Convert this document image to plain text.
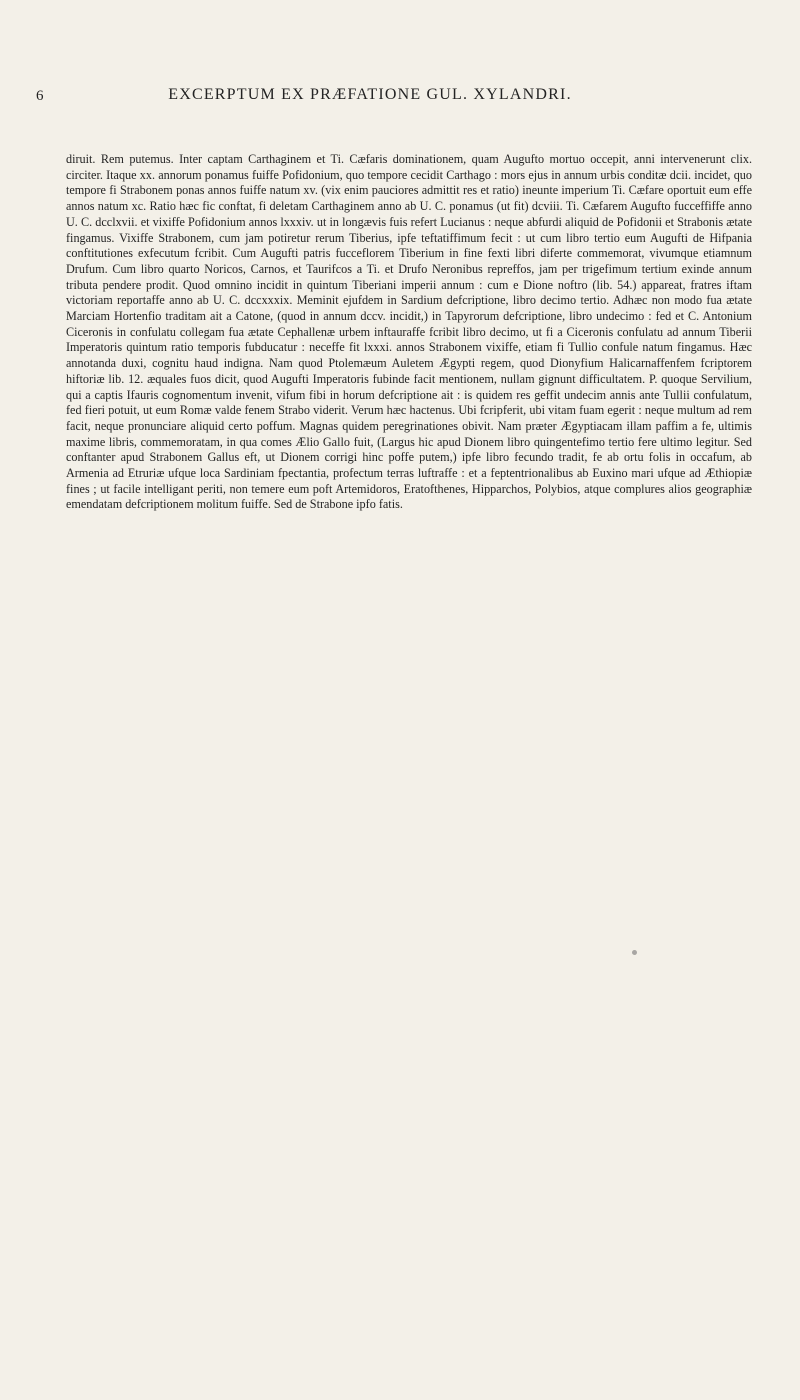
6	EXCERPTUM EX PRÆFATIONE GUL. XYLANDRI.

diruit. Rem putemus. Inter captam Carthaginem et Ti. Cæfaris dominationem, quam Augufto mortuo occepit, anni intervenerunt clix. circiter. Itaque xx. annorum ponamus fuiffe Pofidonium, quo tempore cecidit Carthago : mors ejus in annum urbis conditæ dcii. incidet, quo tempore fi Strabonem ponas annos fuiffe natum xv. (vix enim pauciores admittit res et ratio) ineunte imperium Ti. Cæfare oportuit eum effe annos natum xc. Ratio hæc fic conftat, fi deletam Carthaginem anno ab U. C. ponamus (ut fit) dcviii. Ti. Cæfarem Augufto fucceffiffe anno U. C. dcclxvii. et vixiffe Pofidonium annos lxxxiv. ut in longævis fuis refert Lucianus : neque abfurdi aliquid de Pofidonii et Strabonis ætate fingamus. Vixiffe Strabonem, cum jam potiretur rerum Tiberius, ipfe teftatiffimum fecit : ut cum libro tertio eum Augufti de Hifpania conftitutiones exfecutum fcribit. Cum Augufti patris fucceflorem Tiberium in fine fexti libri diferte commemorat, vivumque etiamnum Drufum. Cum libro quarto Noricos, Carnos, et Taurifcos a Ti. et Drufo Neronibus repreffos, jam per trigefimum tertium exinde annum tributa pendere prodit. Quod omnino incidit in quintum Tiberiani imperii annum : cum e Dione noftro (lib. 54.) appareat, fratres iftam victoriam reportaffe anno ab U. C. dccxxxix. Meminit ejufdem in Sardium defcriptione, libro decimo tertio. Adhæc non modo fua ætate Marciam Hortenfio traditam ait a Catone, (quod in annum dccv. incidit,) in Tapyrorum defcriptione, libro undecimo : fed et C. Antonium Ciceronis in confulatu collegam fua ætate Cephallenæ urbem inftauraffe fcribit libro decimo, ut fi a Ciceronis confulatu ad annum Tiberii Imperatoris quintum ratio temporis fubducatur : neceffe fit lxxxi. annos Strabonem vixiffe, etiam fi Tullio confule natum fingamus. Hæc annotanda duxi, cognitu haud indigna. Nam quod Ptolemæum Auletem Ægypti regem, quod Dionyfium Halicarnaffenfem fcriptorem hiftoriæ lib. 12. æquales fuos dicit, quod Augufti Imperatoris fubinde facit mentionem, nullam gignunt difficultatem. P. quoque Servilium, qui a captis Ifauris cognomentum invenit, vifum fibi in horum defcriptione ait : is quidem res geffit undecim annis ante Tullii confulatum, fed fieri potuit, ut eum Romæ valde fenem Strabo viderit. Verum hæc hactenus. Ubi fcripferit, ubi vitam fuam egerit : neque multum ad rem facit, neque pronunciare aliquid certo poffum. Magnas quidem peregrinationes obivit. Nam præter Ægyptiacam illam paffim a fe, ultimis maxime libris, commemoratam, in qua comes Ælio Gallo fuit, (Largus hic apud Dionem libro quingentefimo tertio fere ultimo legitur. Sed conftanter apud Strabonem Gallus eft, ut Dionem corrigi hinc poffe putem,) ipfe libro fecundo tradit, fe ab ortu folis in occafum, ab Armenia ad Etruriæ ufque loca Sardiniam fpectantia, profectum terras luftraffe : et a feptentrionalibus ab Euxino mari ufque ad Æthiopiæ fines ; ut facile intelligant periti, non temere eum poft Artemidoros, Eratofthenes, Hipparchos, Polybios, atque complures alios geographiæ emendatam defcriptionem molitum fuiffe. Sed de Strabone ipfo fatis.
